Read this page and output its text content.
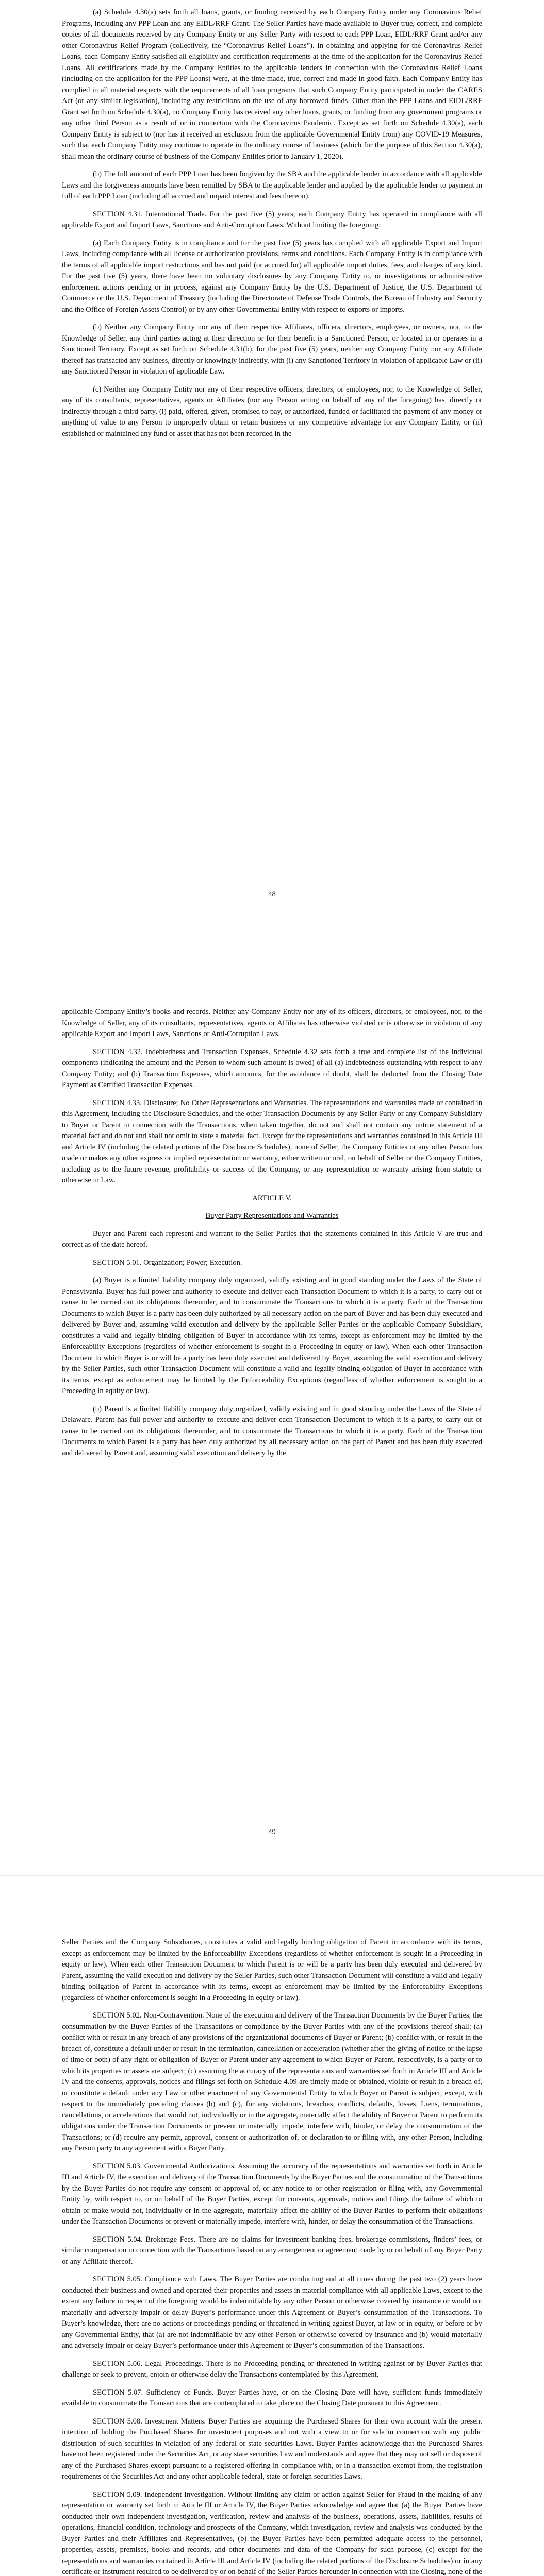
(a) Schedule 4.30(a) sets forth all loans, grants, or funding received by each Company Entity under any Coronavirus Relief Programs, including any PPP Loan and any EIDL/RRF Grant. The Seller Parties have made available to Buyer true, correct, and complete copies of all documents received by any Company Entity or any Seller Party with respect to each PPP Loan, EIDL/RRF Grant and/or any other Coronavirus Relief Program (collectively, the “Coronavirus Relief Loans”). In obtaining and applying for the Coronavirus Relief Loans, each Company Entity satisfied all eligibility and certification requirements at the time of the application for the Coronavirus Relief Loans. All certifications made by the Company Entities to the applicable lenders in connection with the Coronavirus Relief Loans (including on the application for the PPP Loans) were, at the time made, true, correct and made in good faith. Each Company Entity has complied in all material respects with the requirements of all loan programs that such Company Entity participated in under the CARES Act (or any similar legislation), including any restrictions on the use of any borrowed funds. Other than the PPP Loans and EIDL/RRF Grant set forth on Schedule 4.30(a), no Company Entity has received any other loans, grants, or funding from any government programs or any other third Person as a result of or in connection with the Coronavirus Pandemic. Except as set forth on Schedule 4.30(a), each Company Entity is subject to (nor has it received an exclusion from the applicable Governmental Entity from) any COVID-19 Measures, such that each Company Entity may continue to operate in the ordinary course of business (which for the purpose of this Section 4.30(a), shall mean the ordinary course of business of the Company Entities prior to January 1, 2020).

(b) The full amount of each PPP Loan has been forgiven by the SBA and the applicable lender in accordance with all applicable Laws and the forgiveness amounts have been remitted by SBA to the applicable lender and applied by the applicable lender to payment in full of each PPP Loan (including all accrued and unpaid interest and fees thereon).

SECTION 4.31. International Trade. For the past five (5) years, each Company Entity has operated in compliance with all applicable Export and Import Laws, Sanctions and Anti-Corruption Laws. Without limiting the foregoing:

(a) Each Company Entity is in compliance and for the past five (5) years has complied with all applicable Export and Import Laws, including compliance with all license or authorization provisions, terms and conditions. Each Company Entity is in compliance with the terms of all applicable import restrictions and has not paid (or accrued for) all applicable import duties, fees, and charges of any kind. For the past five (5) years, there have been no voluntary disclosures by any Company Entity to, or investigations or administrative enforcement actions pending or in process, against any Company Entity by the U.S. Department of Justice, the U.S. Department of Commerce or the U.S. Department of Treasury (including the Directorate of Defense Trade Controls, the Bureau of Industry and Security and the Office of Foreign Assets Control) or by any other Governmental Entity with respect to exports or imports.

(b) Neither any Company Entity nor any of their respective Affiliates, officers, directors, employees, or owners, nor, to the Knowledge of Seller, any third parties acting at their direction or for their benefit is a Sanctioned Person, or located in or operates in a Sanctioned Territory. Except as set forth on Schedule 4.31(b), for the past five (5) years, neither any Company Entity nor any Affiliate thereof has transacted any business, directly or knowingly indirectly, with (i) any Sanctioned Territory in violation of applicable Law or (ii) any Sanctioned Person in violation of applicable Law.

(c) Neither any Company Entity nor any of their respective officers, directors, or employees, nor, to the Knowledge of Seller, any of its consultants, representatives, agents or Affiliates (nor any Person acting on behalf of any of the foregoing) has, directly or indirectly through a third party, (i) paid, offered, given, promised to pay, or authorized, funded or facilitated the payment of any money or anything of value to any Person to improperly obtain or retain business or any competitive advantage for any Company Entity, or (ii) established or maintained any fund or asset that has not been recorded in the

48

applicable Company Entity’s books and records. Neither any Company Entity nor any of its officers, directors, or employees, nor, to the Knowledge of Seller, any of its consultants, representatives, agents or Affiliates has otherwise violated or is otherwise in violation of any applicable Export and Import Laws, Sanctions or Anti-Corruption Laws.

SECTION 4.32. Indebtedness and Transaction Expenses. Schedule 4.32 sets forth a true and complete list of the individual components (indicating the amount and the Person to whom such amount is owed) of all (a) Indebtedness outstanding with respect to any Company Entity; and (b) Transaction Expenses, which amounts, for the avoidance of doubt, shall be deducted from the Closing Date Payment as Certified Transaction Expenses.

SECTION 4.33. Disclosure; No Other Representations and Warranties. The representations and warranties made or contained in this Agreement, including the Disclosure Schedules, and the other Transaction Documents by any Seller Party or any Company Subsidiary to Buyer or Parent in connection with the Transactions, when taken together, do not and shall not contain any untrue statement of a material fact and do not and shall not omit to state a material fact. Except for the representations and warranties contained in this Article III and Article IV (including the related portions of the Disclosure Schedules), none of Seller, the Company Entities or any other Person has made or makes any other express or implied representation or warranty, either written or oral, on behalf of Seller or the Company Entities, including as to the future revenue, profitability or success of the Company, or any representation or warranty arising from statute or otherwise in Law.

ARTICLE V.

Buyer Party Representations and Warranties

Buyer and Parent each represent and warrant to the Seller Parties that the statements contained in this Article V are true and correct as of the date hereof.

SECTION 5.01. Organization; Power; Execution.

(a) Buyer is a limited liability company duly organized, validly existing and in good standing under the Laws of the State of Pennsylvania. Buyer has full power and authority to execute and deliver each Transaction Document to which it is a party, to carry out or cause to be carried out its obligations thereunder, and to consummate the Transactions to which it is a party. Each of the Transaction Documents to which Buyer is a party has been duly authorized by all necessary action on the part of Buyer and has been duly executed and delivered by Buyer and, assuming valid execution and delivery by the applicable Seller Parties or the applicable Company Subsidiary, constitutes a valid and legally binding obligation of Buyer in accordance with its terms, except as enforcement may be limited by the Enforceability Exceptions (regardless of whether enforcement is sought in a Proceeding in equity or law). When each other Transaction Document to which Buyer is or will be a party has been duly executed and delivered by Buyer, assuming the valid execution and delivery by the Seller Parties, such other Transaction Document will constitute a valid and legally binding obligation of Buyer in accordance with its terms, except as enforcement may be limited by the Enforceability Exceptions (regardless of whether enforcement is sought in a Proceeding in equity or law).

(b) Parent is a limited liability company duly organized, validly existing and in good standing under the Laws of the State of Delaware. Parent has full power and authority to execute and deliver each Transaction Document to which it is a party, to carry out or cause to be carried out its obligations thereunder, and to consummate the Transactions to which it is a party. Each of the Transaction Documents to which Parent is a party has been duly authorized by all necessary action on the part of Parent and has been duly executed and delivered by Parent and, assuming valid execution and delivery by the

49

Seller Parties and the Company Subsidiaries, constitutes a valid and legally binding obligation of Parent in accordance with its terms, except as enforcement may be limited by the Enforceability Exceptions (regardless of whether enforcement is sought in a Proceeding in equity or law). When each other Transaction Document to which Parent is or will be a party has been duly executed and delivered by Parent, assuming the valid execution and delivery by the Seller Parties, such other Transaction Document will constitute a valid and legally binding obligation of Parent in accordance with its terms, except as enforcement may be limited by the Enforceability Exceptions (regardless of whether enforcement is sought in a Proceeding in equity or law).

SECTION 5.02. Non-Contravention. None of the execution and delivery of the Transaction Documents by the Buyer Parties, the consummation by the Buyer Parties of the Transactions or compliance by the Buyer Parties with any of the provisions thereof shall: (a) conflict with or result in any breach of any provisions of the organizational documents of Buyer or Parent; (b) conflict with, or result in the breach of, constitute a default under or result in the termination, cancellation or acceleration (whether after the giving of notice or the lapse of time or both) of any right or obligation of Buyer or Parent under any agreement to which Buyer or Parent, respectively, is a party or to which its properties or assets are subject; (c) assuming the accuracy of the representations and warranties set forth in Article III and Article IV and the consents, approvals, notices and filings set forth on Schedule 4.09 are timely made or obtained, violate or result in a breach of, or constitute a default under any Law or other enactment of any Governmental Entity to which Buyer or Parent is subject, except, with respect to the immediately preceding clauses (b) and (c), for any violations, breaches, conflicts, defaults, losses, Liens, terminations, cancellations, or accelerations that would not, individually or in the aggregate, materially affect the ability of Buyer or Parent to perform its obligations under the Transaction Documents or prevent or materially impede, interfere with, hinder, or delay the consummation of the Transactions; or (d) require any permit, approval, consent or authorization of, or declaration to or filing with, any other Person, including any Person party to any agreement with a Buyer Party.

SECTION 5.03. Governmental Authorizations. Assuming the accuracy of the representations and warranties set forth in Article III and Article IV, the execution and delivery of the Transaction Documents by the Buyer Parties and the consummation of the Transactions by the Buyer Parties do not require any consent or approval of, or any notice to or other registration or filing with, any Governmental Entity by, with respect to, or on behalf of the Buyer Parties, except for consents, approvals, notices and filings the failure of which to obtain or make would not, individually or in the aggregate, materially affect the ability of the Buyer Parties to perform their obligations under the Transaction Documents or prevent or materially impede, interfere with, hinder, or delay the consummation of the Transactions.

SECTION 5.04. Brokerage Fees. There are no claims for investment banking fees, brokerage commissions, finders’ fees, or similar compensation in connection with the Transactions based on any arrangement or agreement made by or on behalf of any Buyer Party or any Affiliate thereof.

SECTION 5.05. Compliance with Laws. The Buyer Parties are conducting and at all times during the past two (2) years have conducted their business and owned and operated their properties and assets in material compliance with all applicable Laws, except to the extent any failure in respect of the foregoing would be indemnifiable by any other Person or otherwise covered by insurance or would not materially and adversely impair or delay Buyer’s performance under this Agreement or Buyer’s consummation of the Transactions. To Buyer’s knowledge, there are no actions or proceedings pending or threatened in writing against Buyer, at law or in equity, or before or by any Governmental Entity, that (a) are not indemnifiable by any other Person or otherwise covered by insurance and (b) would materially and adversely impair or delay Buyer’s performance under this Agreement or Buyer’s consummation of the Transactions.

SECTION 5.06. Legal Proceedings. There is no Proceeding pending or threatened in writing against or by Buyer Parties that challenge or seek to prevent, enjoin or otherwise delay the Transactions contemplated by this Agreement.

SECTION 5.07. Sufficiency of Funds. Buyer Parties have, or on the Closing Date will have, sufficient funds immediately available to consummate the Transactions that are contemplated to take place on the Closing Date pursuant to this Agreement.

SECTION 5.08. Investment Matters. Buyer Parties are acquiring the Purchased Shares for their own account with the present intention of holding the Purchased Shares for investment purposes and not with a view to or for sale in connection with any public distribution of such securities in violation of any federal or state securities Laws. Buyer Parties acknowledge that the Purchased Shares have not been registered under the Securities Act, or any state securities Law and understands and agree that they may not sell or dispose of any of the Purchased Shares except pursuant to a registered offering in compliance with, or in a transaction exempt from, the registration requirements of the Securities Act and any other applicable federal, state or foreign securities Laws.

SECTION 5.09. Independent Investigation. Without limiting any claim or action against Seller for Fraud in the making of any representation or warranty set forth in Article III or Article IV, the Buyer Parties acknowledge and agree that (a) the Buyer Parties have conducted their own independent investigation, verification, review and analysis of the business, operations, assets, liabilities, results of operations, financial condition, technology and prospects of the Company, which investigation, review and analysis was conducted by the Buyer Parties and their Affiliates and Representatives, (b) the Buyer Parties have been permitted adequate access to the personnel, properties, assets, premises, books and records, and other documents and data of the Company for such purpose, (c) except for the representations and warranties contained in Article III and Article IV (including the related portions of the Disclosure Schedules) or in any certificate or instrument required to be delivered by or on behalf of the Seller Parties hereunder in connection with the Closing, none of the
